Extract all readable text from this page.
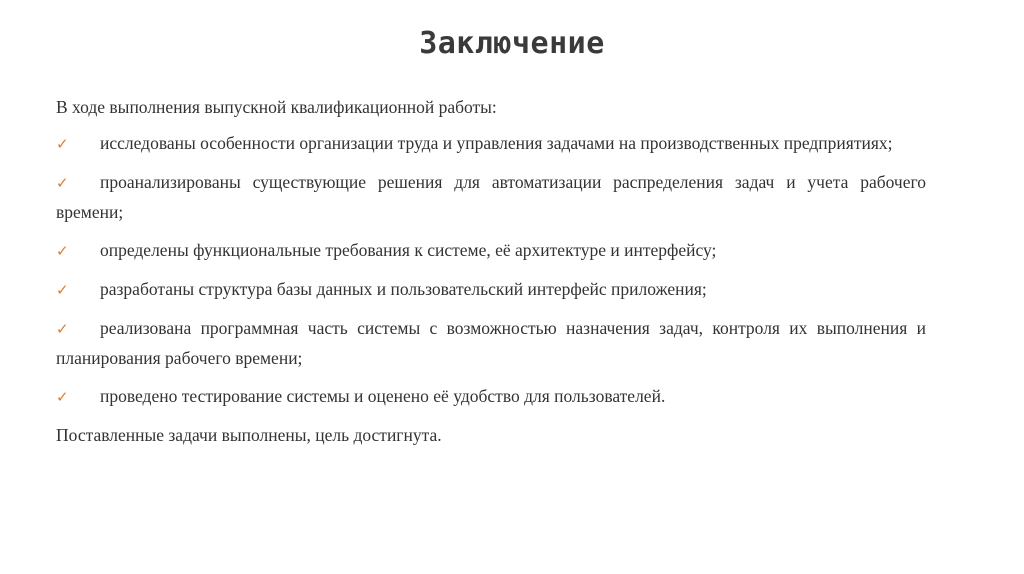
Заключение

В ходе выполнения выпускной квалификационной работы:

✓ исследованы особенности организации труда и управления задачами на производственных предприятиях;
✓ проанализированы существующие решения для автоматизации распределения задач и учета рабочего времени;
✓ определены функциональные требования к системе, её архитектуре и интерфейсу;
✓ разработаны структура базы данных и пользовательский интерфейс приложения;
✓ реализована программная часть системы с возможностью назначения задач, контроля их выполнения и планирования рабочего времени;
✓ проведено тестирование системы и оценено её удобство для пользователей.

Поставленные задачи выполнены, цель достигнута.
